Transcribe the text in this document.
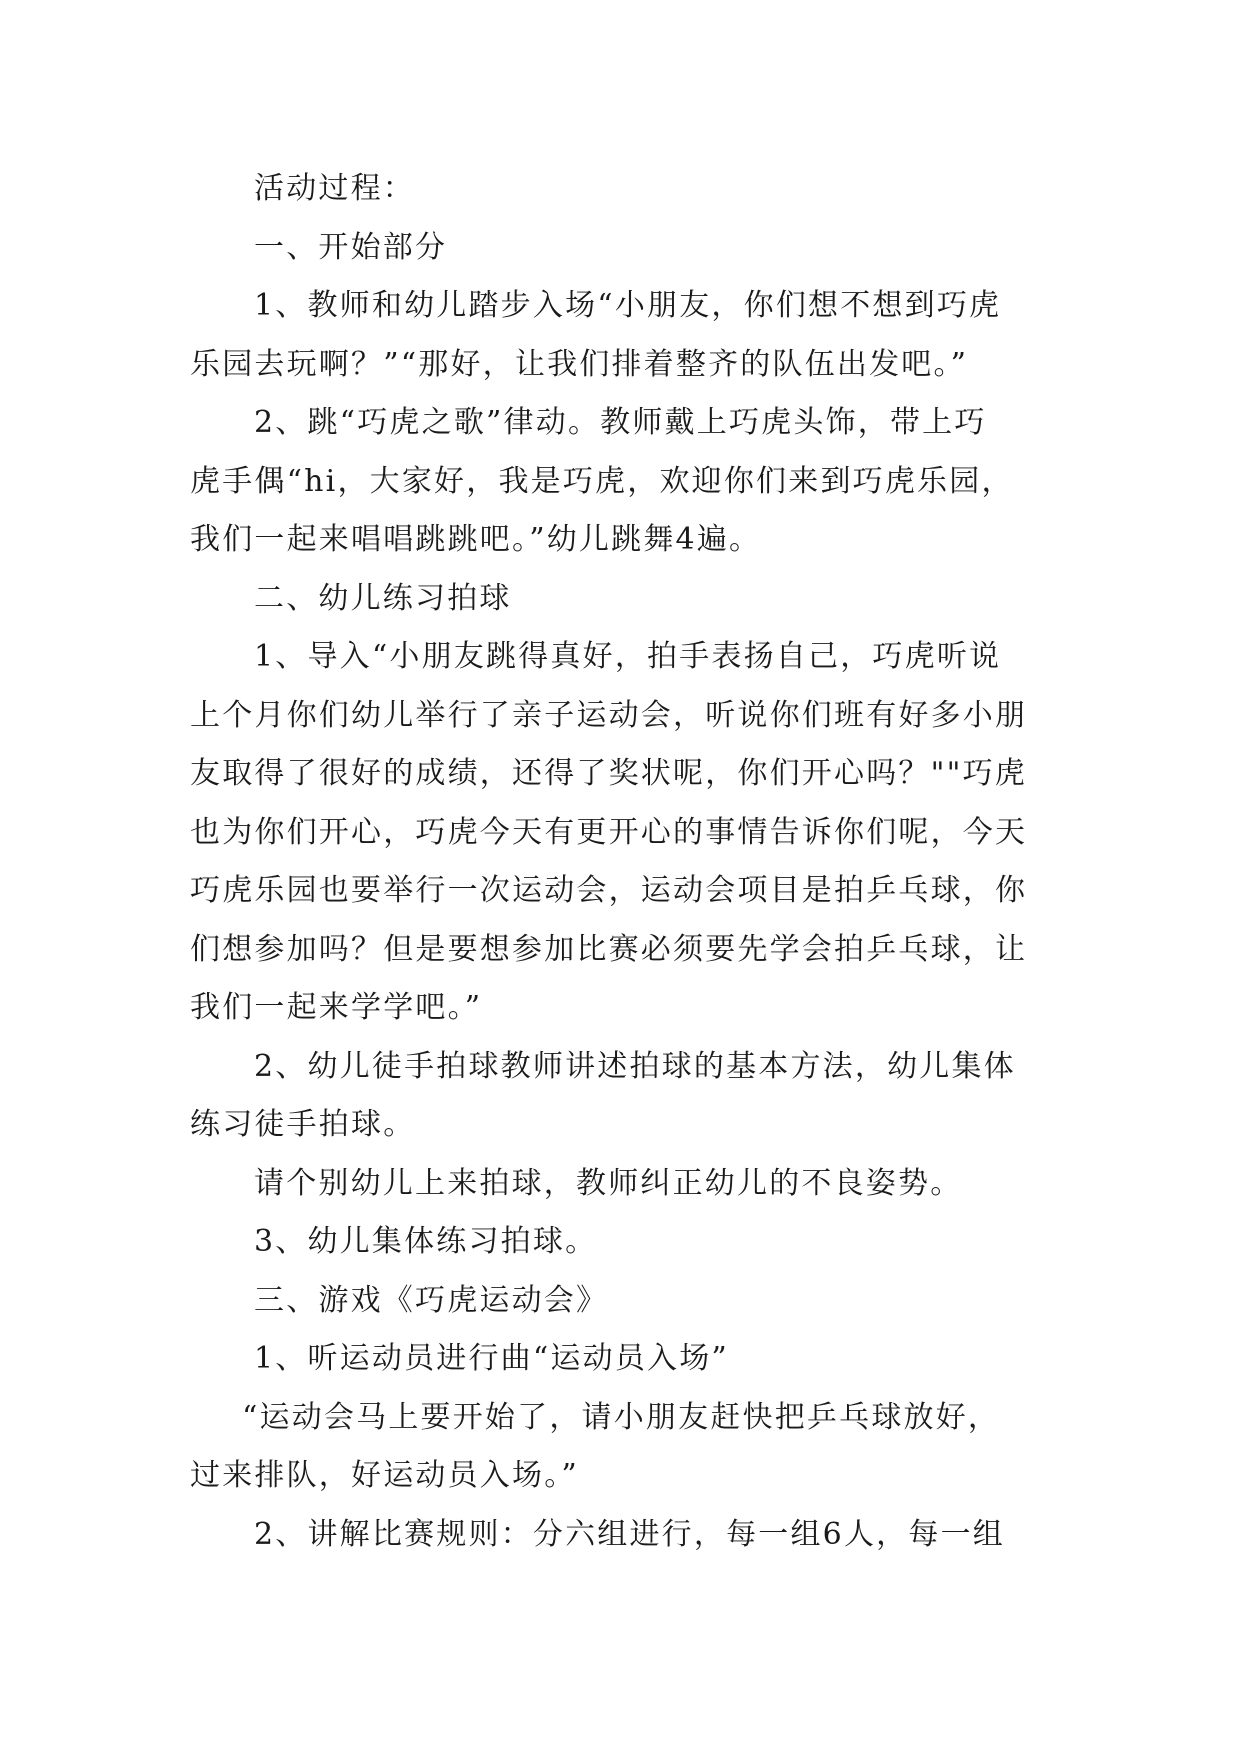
活动过程：
一、开始部分
1、教师和幼儿踏步入场“小朋友，你们想不想到巧虎
乐园去玩啊？”“那好，让我们排着整齐的队伍出发吧。”
2、跳“巧虎之歌”律动。教师戴上巧虎头饰，带上巧
虎手偶“hi，大家好，我是巧虎，欢迎你们来到巧虎乐园，
我们一起来唱唱跳跳吧。”幼儿跳舞4遍。
二、幼儿练习拍球
1、导入“小朋友跳得真好，拍手表扬自己，巧虎听说
上个月你们幼儿举行了亲子运动会，听说你们班有好多小朋
友取得了很好的成绩，还得了奖状呢，你们开心吗？""巧虎
也为你们开心，巧虎今天有更开心的事情告诉你们呢，今天
巧虎乐园也要举行一次运动会，运动会项目是拍乒乓球，你
们想参加吗？但是要想参加比赛必须要先学会拍乒乓球，让
我们一起来学学吧。”
2、幼儿徒手拍球教师讲述拍球的基本方法，幼儿集体
练习徒手拍球。
请个别幼儿上来拍球，教师纠正幼儿的不良姿势。
3、幼儿集体练习拍球。
三、游戏《巧虎运动会》
1、听运动员进行曲“运动员入场”
“运动会马上要开始了，请小朋友赶快把乒乓球放好，
过来排队，好运动员入场。”
2、讲解比赛规则：分六组进行，每一组6人，每一组
